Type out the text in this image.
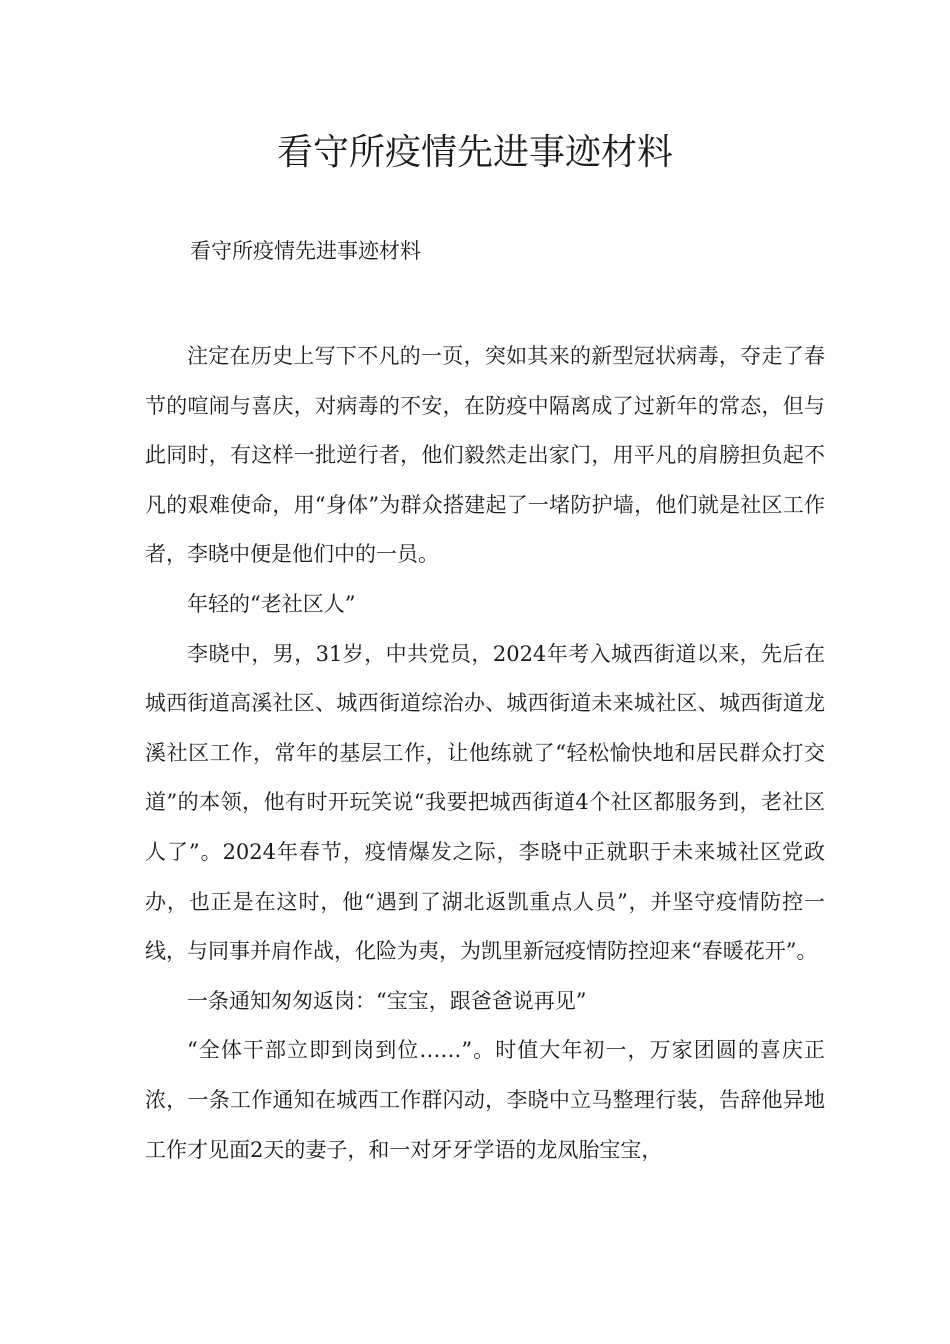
看守所疫情先进事迹材料
看守所疫情先进事迹材料

注定在历史上写下不凡的一页，突如其来的新型冠状病毒，夺走了春节的喧闹与喜庆，对病毒的不安，在防疫中隔离成了过新年的常态，但与此同时，有这样一批逆行者，他们毅然走出家门，用平凡的肩膀担负起不凡的艰难使命，用“身体”为群众搭建起了一堵防护墙，他们就是社区工作者，李晓中便是他们中的一员。

年轻的“老社区人”

李晓中，男，31岁，中共党员，2024年考入城西街道以来，先后在城西街道高溪社区、城西街道综治办、城西街道未来城社区、城西街道龙溪社区工作，常年的基层工作，让他练就了“轻松愉快地和居民群众打交道”的本领，他有时开玩笑说“我要把城西街道4个社区都服务到，老社区人了”。2024年春节，疫情爆发之际，李晓中正就职于未来城社区党政办，也正是在这时，他“遇到了湖北返凯重点人员”，并坚守疫情防控一线，与同事并肩作战，化险为夷，为凯里新冠疫情防控迎来“春暖花开”。

一条通知匆匆返岗：“宝宝，跟爸爸说再见”

“全体干部立即到岗到位……”。时值大年初一，万家团圆的喜庆正浓，一条工作通知在城西工作群闪动，李晓中立马整理行装，告辞他异地工作才见面2天的妻子，和一对牙牙学语的龙凤胎宝宝，
